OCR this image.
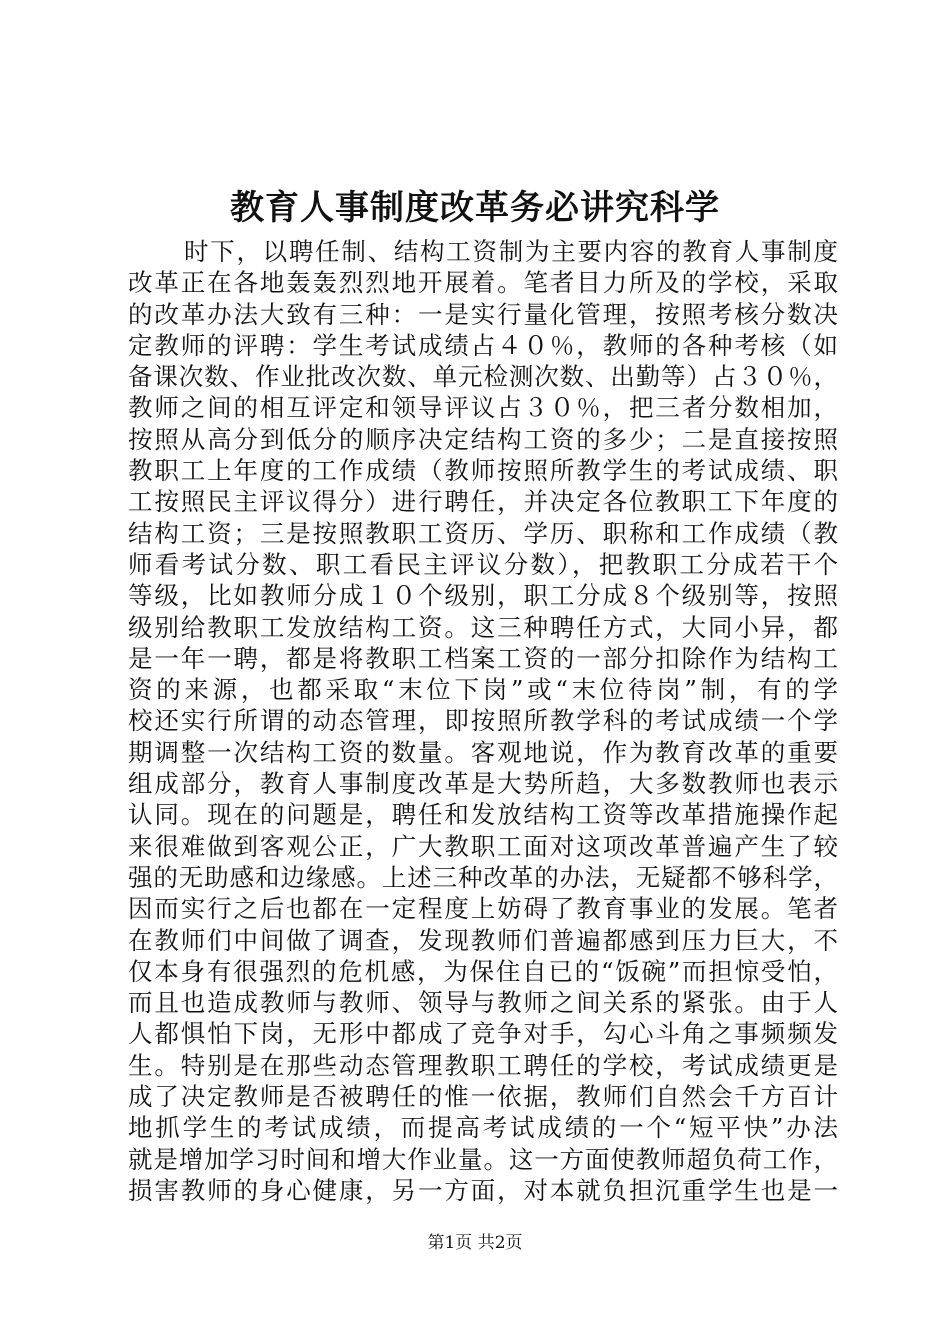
教育人事制度改革务必讲究科学
时下，以聘任制、结构工资制为主要内容的教育人事制度
改革正在各地轰轰烈烈地开展着。笔者目力所及的学校，采取
的改革办法大致有三种：一是实行量化管理，按照考核分数决
定教师的评聘：学生考试成绩占４０％，教师的各种考核（如
备课次数、作业批改次数、单元检测次数、出勤等）占３０％，
教师之间的相互评定和领导评议占３０％，把三者分数相加，
按照从高分到低分的顺序决定结构工资的多少；二是直接按照
教职工上年度的工作成绩（教师按照所教学生的考试成绩、职
工按照民主评议得分）进行聘任，并决定各位教职工下年度的
结构工资；三是按照教职工资历、学历、职称和工作成绩（教
师看考试分数、职工看民主评议分数），把教职工分成若干个
等级，比如教师分成１０个级别，职工分成８个级别等，按照
级别给教职工发放结构工资。这三种聘任方式，大同小异，都
是一年一聘，都是将教职工档案工资的一部分扣除作为结构工
资的来源，也都采取“末位下岗”或“末位待岗”制，有的学
校还实行所谓的动态管理，即按照所教学科的考试成绩一个学
期调整一次结构工资的数量。客观地说，作为教育改革的重要
组成部分，教育人事制度改革是大势所趋，大多数教师也表示
认同。现在的问题是，聘任和发放结构工资等改革措施操作起
来很难做到客观公正，广大教职工面对这项改革普遍产生了较
强的无助感和边缘感。上述三种改革的办法，无疑都不够科学，
因而实行之后也都在一定程度上妨碍了教育事业的发展。笔者
在教师们中间做了调查，发现教师们普遍都感到压力巨大，不
仅本身有很强烈的危机感，为保住自已的“饭碗”而担惊受怕，
而且也造成教师与教师、领导与教师之间关系的紧张。由于人
人都惧怕下岗，无形中都成了竞争对手，勾心斗角之事频频发
生。特别是在那些动态管理教职工聘任的学校，考试成绩更是
成了决定教师是否被聘任的惟一依据，教师们自然会千方百计
地抓学生的考试成绩，而提高考试成绩的一个“短平快”办法
就是增加学习时间和增大作业量。这一方面使教师超负荷工作，
损害教师的身心健康，另一方面，对本就负担沉重学生也是一
第1页 共2页
